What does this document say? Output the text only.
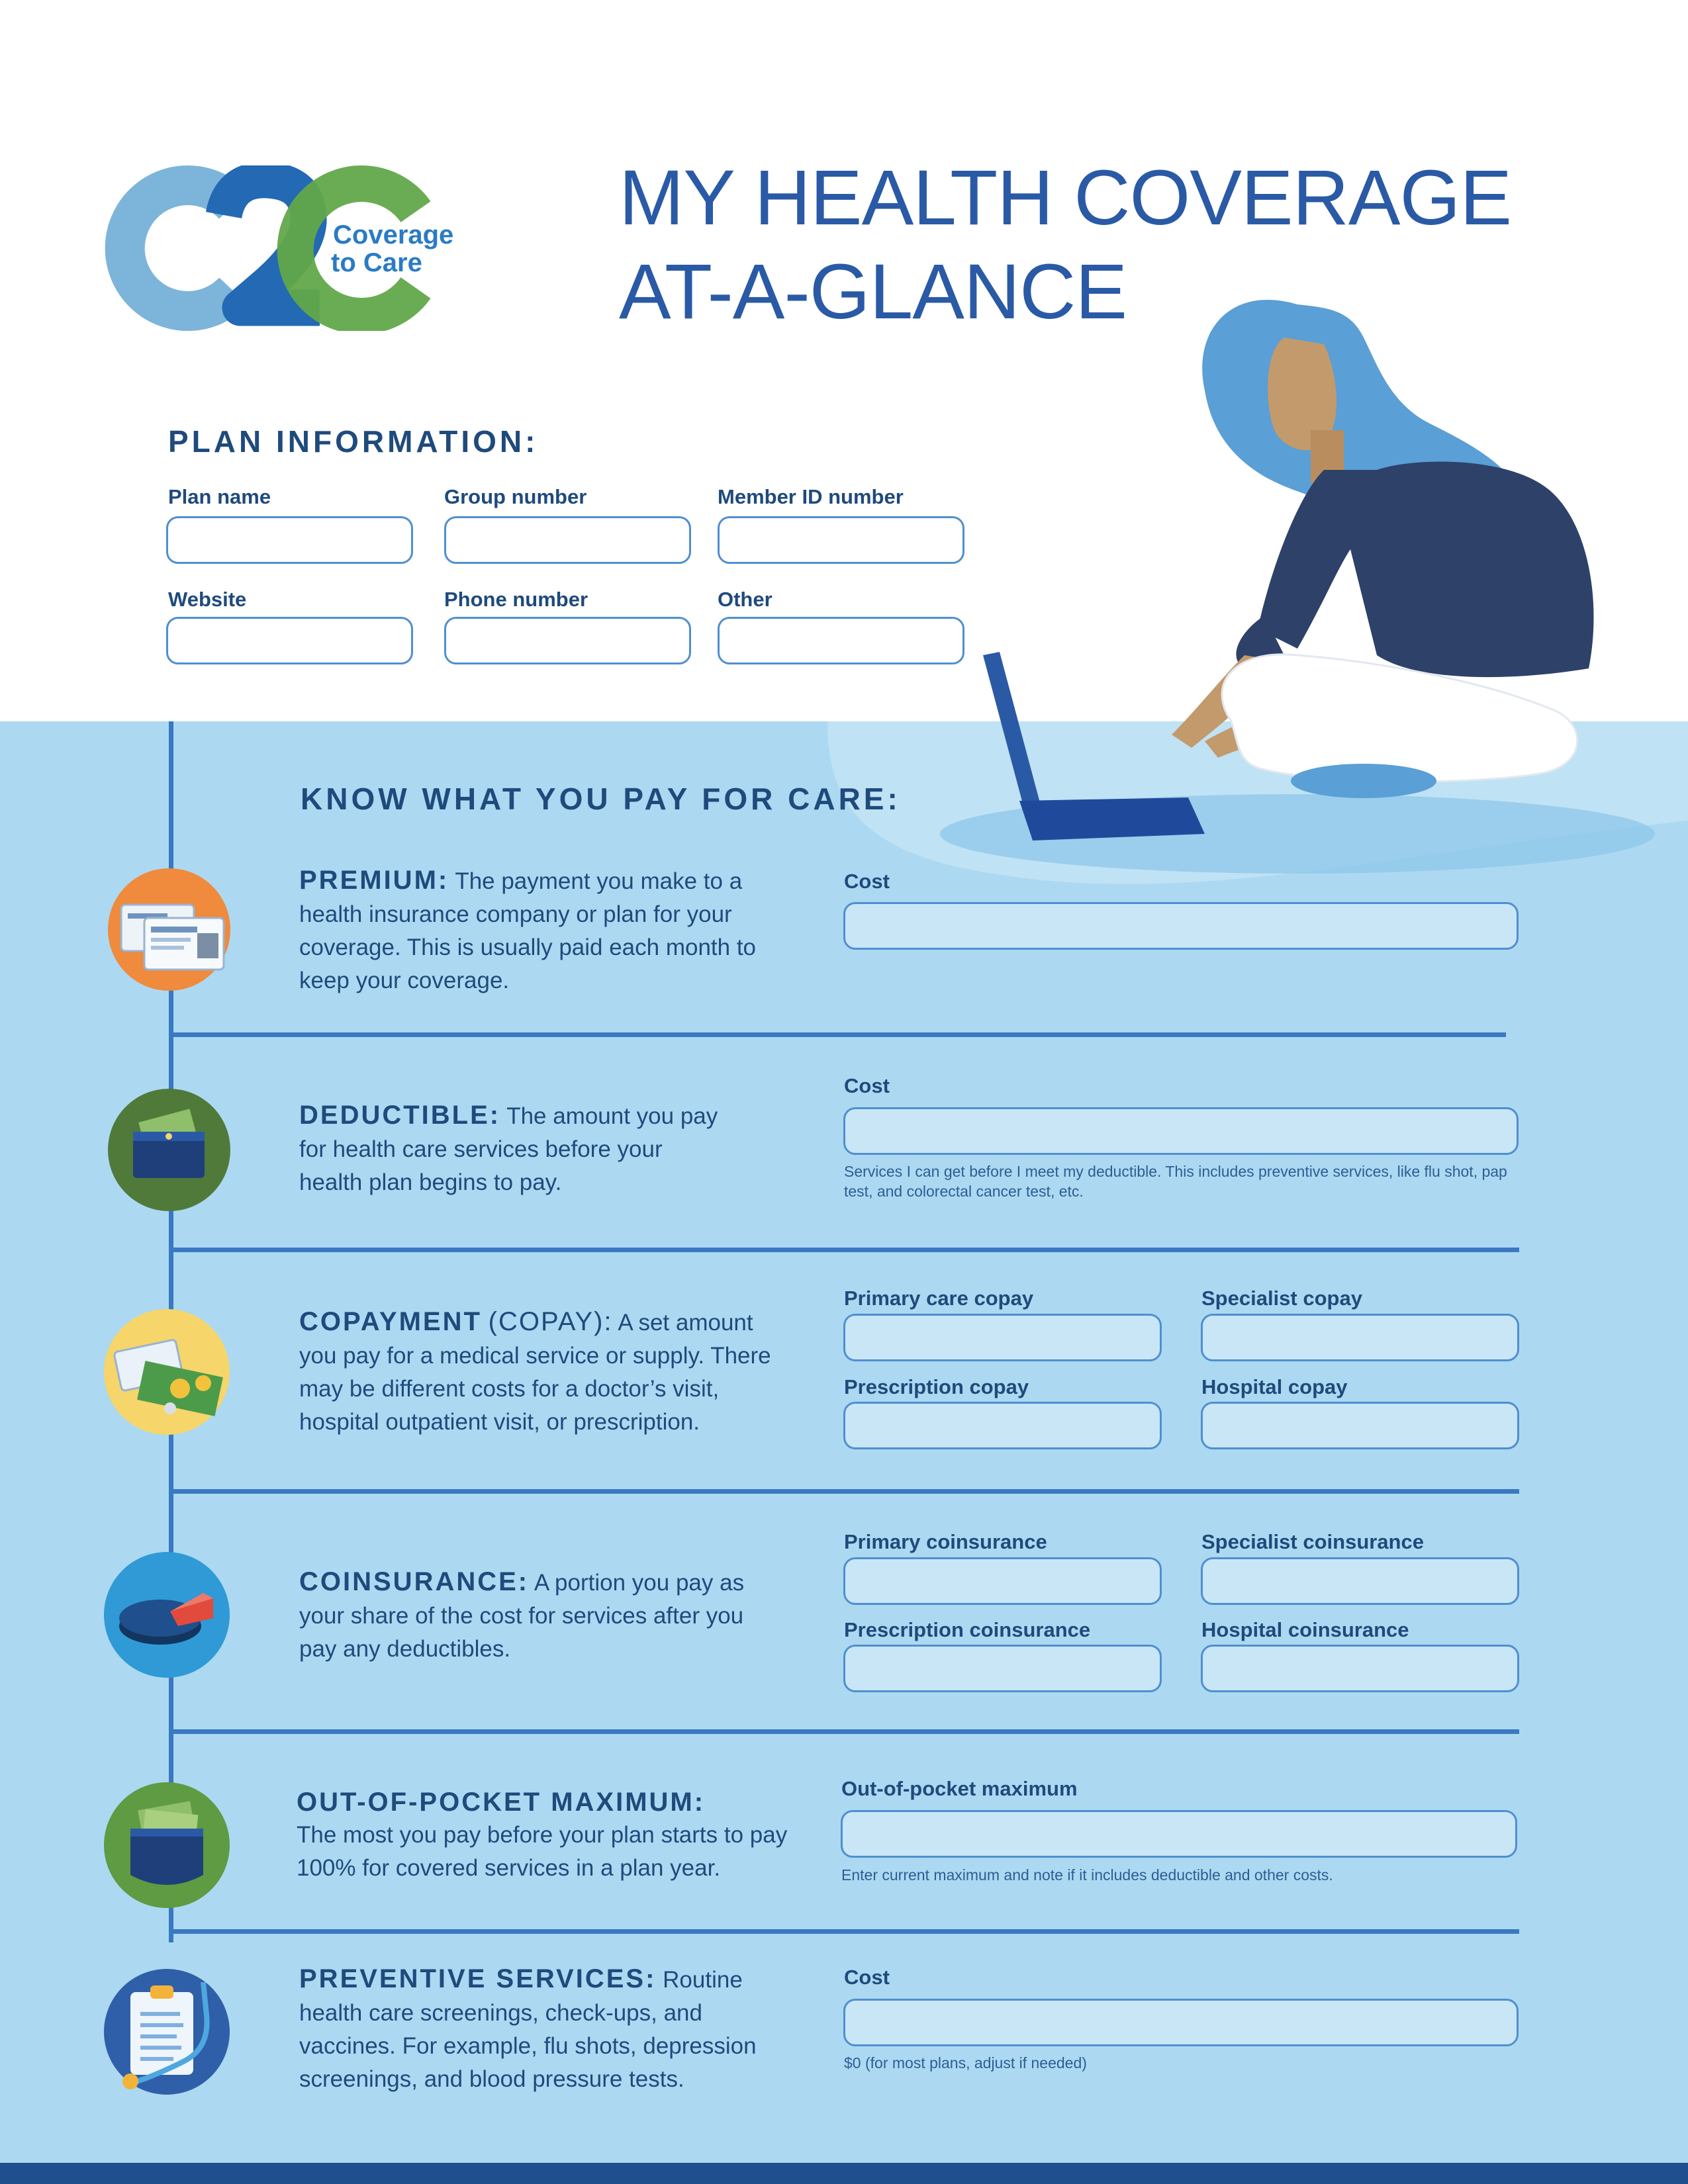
Coverage
to Care
MY HEALTH COVERAGE
AT-A-GLANCE
PLAN INFORMATION:
Plan name	Group number	Member ID number
Website	Phone number	Other
KNOW WHAT YOU PAY FOR CARE:
PREMIUM: The payment you make to a health insurance company or plan for your coverage. This is usually paid each month to keep your coverage.
Cost
DEDUCTIBLE: The amount you pay for health care services before your health plan begins to pay.
Cost
Services I can get before I meet my deductible. This includes preventive services, like flu shot, pap test, and colorectal cancer test, etc.
COPAYMENT (COPAY): A set amount you pay for a medical service or supply. There may be different costs for a doctor’s visit, hospital outpatient visit, or prescription.
Primary care copay	Specialist copay
Prescription copay	Hospital copay
COINSURANCE: A portion you pay as your share of the cost for services after you pay any deductibles.
Primary coinsurance	Specialist coinsurance
Prescription coinsurance	Hospital coinsurance
OUT-OF-POCKET MAXIMUM:
The most you pay before your plan starts to pay 100% for covered services in a plan year.
Out-of-pocket maximum
Enter current maximum and note if it includes deductible and other costs.
PREVENTIVE SERVICES: Routine health care screenings, check-ups, and vaccines. For example, flu shots, depression screenings, and blood pressure tests.
Cost
$0 (for most plans, adjust if needed)
